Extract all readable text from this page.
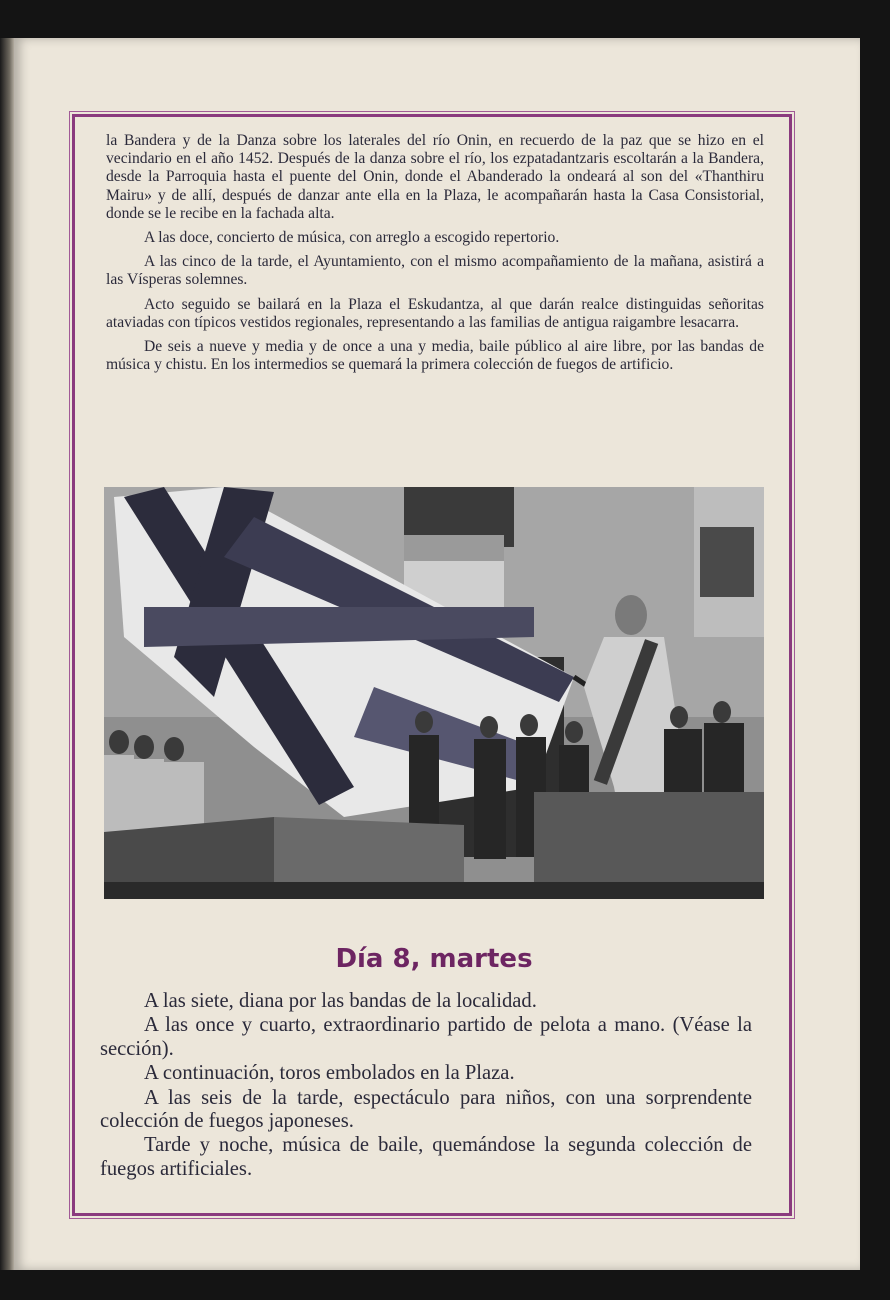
la Bandera y de la Danza sobre los laterales del río Onin, en recuerdo de la paz que se hizo en el vecindario en el año 1452. Después de la danza sobre el río, los ezpatadantzaris escoltarán a la Bandera, desde la Parroquia hasta el puente del Onin, donde el Abanderado la ondeará al son del «Thanthiru Mairu» y de allí, después de danzar ante ella en la Plaza, le acompañarán hasta la Casa Consistorial, donde se le recibe en la fachada alta.

A las doce, concierto de música, con arreglo a escogido repertorio.

A las cinco de la tarde, el Ayuntamiento, con el mismo acompañamiento de la mañana, asistirá a las Vísperas solemnes.

Acto seguido se bailará en la Plaza el Eskudantza, al que darán realce distinguidas señoritas ataviadas con típicos vestidos regionales, representando a las familias de antigua raigambre lesacarra.

De seis a nueve y media y de once a una y media, baile público al aire libre, por las bandas de música y chistu. En los intermedios se quemará la primera colección de fuegos de artificio.

Día 8, martes

A las siete, diana por las bandas de la localidad.

A las once y cuarto, extraordinario partido de pelota a mano. (Véase la sección).

A continuación, toros embolados en la Plaza.

A las seis de la tarde, espectáculo para niños, con una sorprendente colección de fuegos japoneses.

Tarde y noche, música de baile, quemándose la segunda colección de fuegos artificiales.
